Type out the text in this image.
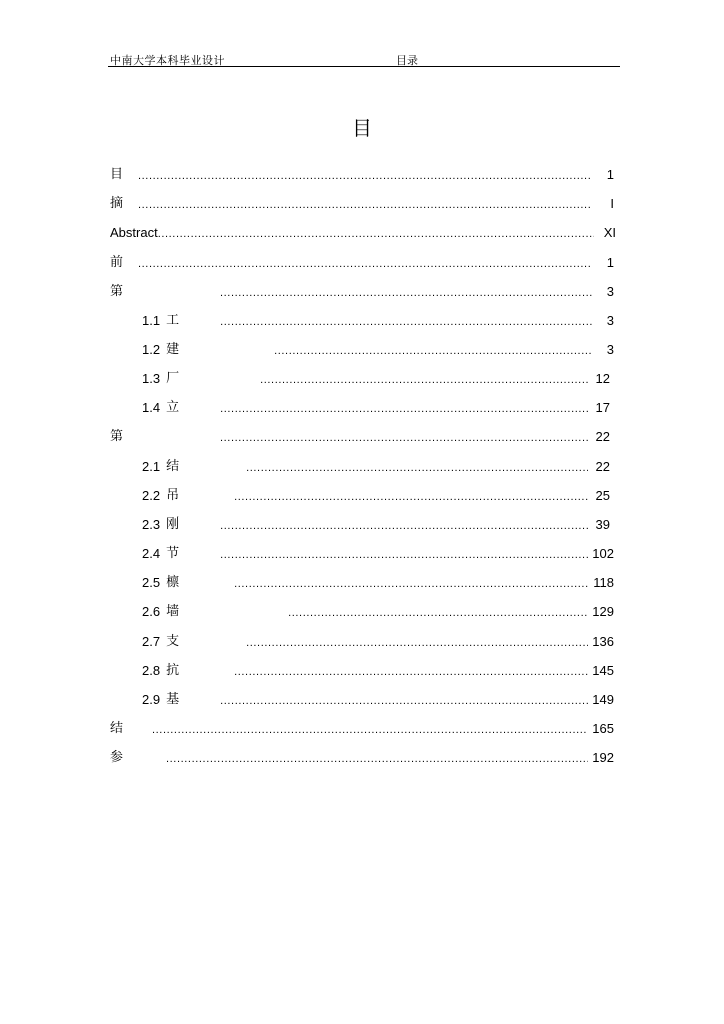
中南大学本科毕业设计	目录
目
目 .....	1
摘 .....	I
Abstract .....	XI
前 .....	1
第 .....	3
1.1 工 .....	3
1.2 建 .....	3
1.3 厂 .....	12
1.4 立 .....	17
第 .....	22
2.1 结 .....	22
2.2 吊 .....	25
2.3 刚 .....	39
2.4 节 .....	102
2.5 檩 .....	118
2.6 墙 .....	129
2.7 支 .....	136
2.8 抗 .....	145
2.9 基 .....	149
结 .....	165
参 .....	192
